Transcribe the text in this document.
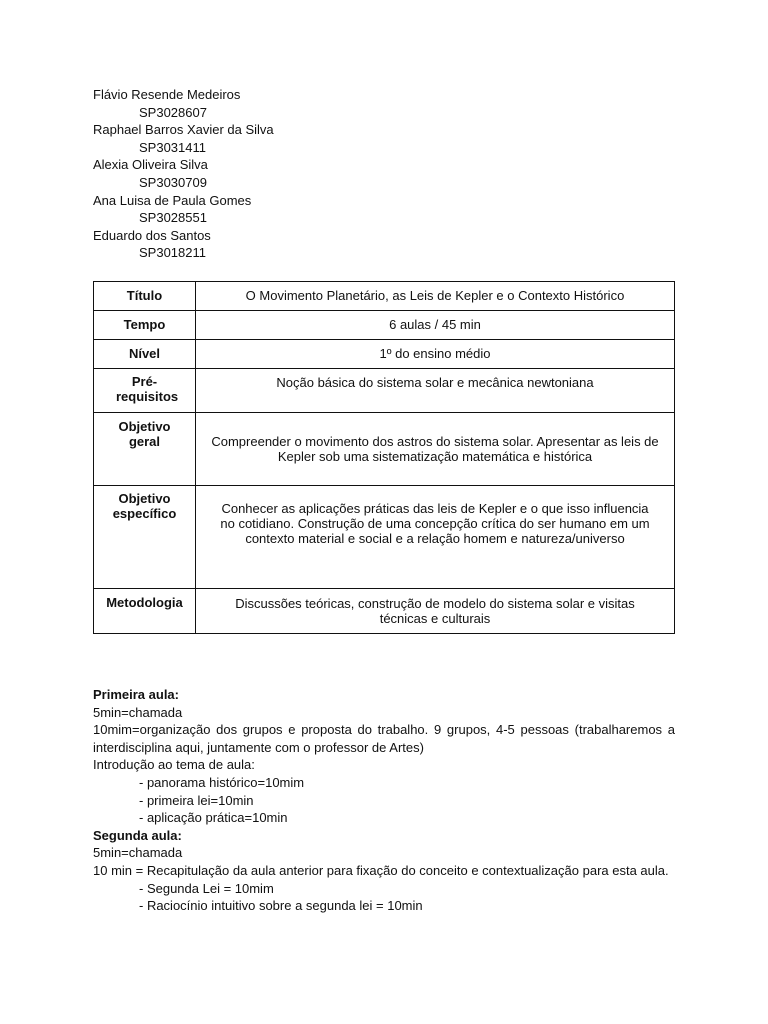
Flávio Resende Medeiros
SP3028607
Raphael Barros Xavier da Silva
SP3031411
Alexia Oliveira Silva
SP3030709
Ana Luisa de Paula Gomes
SP3028551
Eduardo dos Santos
SP3018211
Título	O Movimento Planetário, as Leis de Kepler e o Contexto Histórico

Tempo	6 aulas / 45 min

Nível	1º do ensino médio

Pré-requisitos	Noção básica do sistema solar e mecânica newtoniana

Objetivo geral	Compreender o movimento dos astros do sistema solar. Apresentar as leis de Kepler sob uma sistematização matemática e histórica

Objetivo específico	Conhecer as aplicações práticas das leis de Kepler e o que isso influencia no cotidiano. Construção de uma concepção crítica do ser humano em um contexto material e social e a relação homem e natureza/universo

Metodologia	Discussões teóricas, construção de modelo do sistema solar e visitas técnicas e culturais

Primeira aula:

5min=chamada

10mim=organização dos grupos e proposta do trabalho. 9 grupos, 4-5 pessoas (trabalharemos a interdisciplina aqui, juntamente com o professor de Artes)

Introdução ao tema de aula:

- panorama histórico=10mim

- primeira lei=10min

- aplicação prática=10min

Segunda aula:

5min=chamada

10 min = Recapitulação da aula anterior para fixação do conceito e contextualização para esta aula.

- Segunda Lei = 10mim

- Raciocínio intuitivo sobre a segunda lei = 10min
